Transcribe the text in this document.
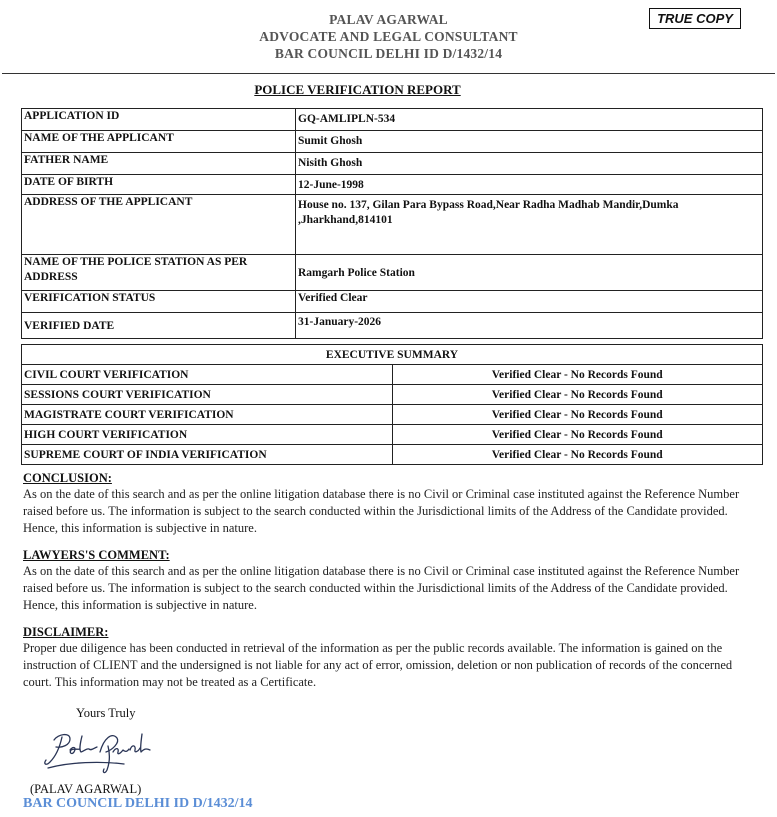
PALAV AGARWAL
ADVOCATE AND LEGAL CONSULTANT
BAR COUNCIL DELHI ID D/1432/14
TRUE COPY
POLICE VERIFICATION REPORT
APPLICATION ID	GQ-AMLIPLN-534
NAME OF THE APPLICANT	Sumit Ghosh
FATHER NAME	Nisith Ghosh
DATE OF BIRTH	12-June-1998
ADDRESS OF THE APPLICANT	House no. 137, Gilan Para Bypass Road,Near Radha Madhab Mandir,Dumka ,Jharkhand,814101
NAME OF THE POLICE STATION AS PER ADDRESS	Ramgarh Police Station
VERIFICATION STATUS	Verified Clear
VERIFIED DATE	31-January-2026
EXECUTIVE SUMMARY	
CIVIL COURT VERIFICATION	Verified Clear - No Records Found
SESSIONS COURT VERIFICATION	Verified Clear - No Records Found
MAGISTRATE COURT VERIFICATION	Verified Clear - No Records Found
HIGH COURT VERIFICATION	Verified Clear - No Records Found
SUPREME COURT OF INDIA VERIFICATION	Verified Clear - No Records Found
CONCLUSION:
As on the date of this search and as per the online litigation database there is no Civil or Criminal case instituted against the Reference Number raised before us. The information is subject to the search conducted within the Jurisdictional limits of the Address of the Candidate provided. Hence, this information is subjective in nature.
LAWYERS'S COMMENT:
As on the date of this search and as per the online litigation database there is no Civil or Criminal case instituted against the Reference Number raised before us. The information is subject to the search conducted within the Jurisdictional limits of the Address of the Candidate provided. Hence, this information is subjective in nature.
DISCLAIMER:
Proper due diligence has been conducted in retrieval of the information as per the public records available. The information is gained on the instruction of CLIENT and the undersigned is not liable for any act of error, omission, deletion or non publication of records of the concerned court. This information may not be treated as a Certificate.
Yours Truly
(PALAV AGARWAL)
BAR COUNCIL DELHI ID D/1432/14
